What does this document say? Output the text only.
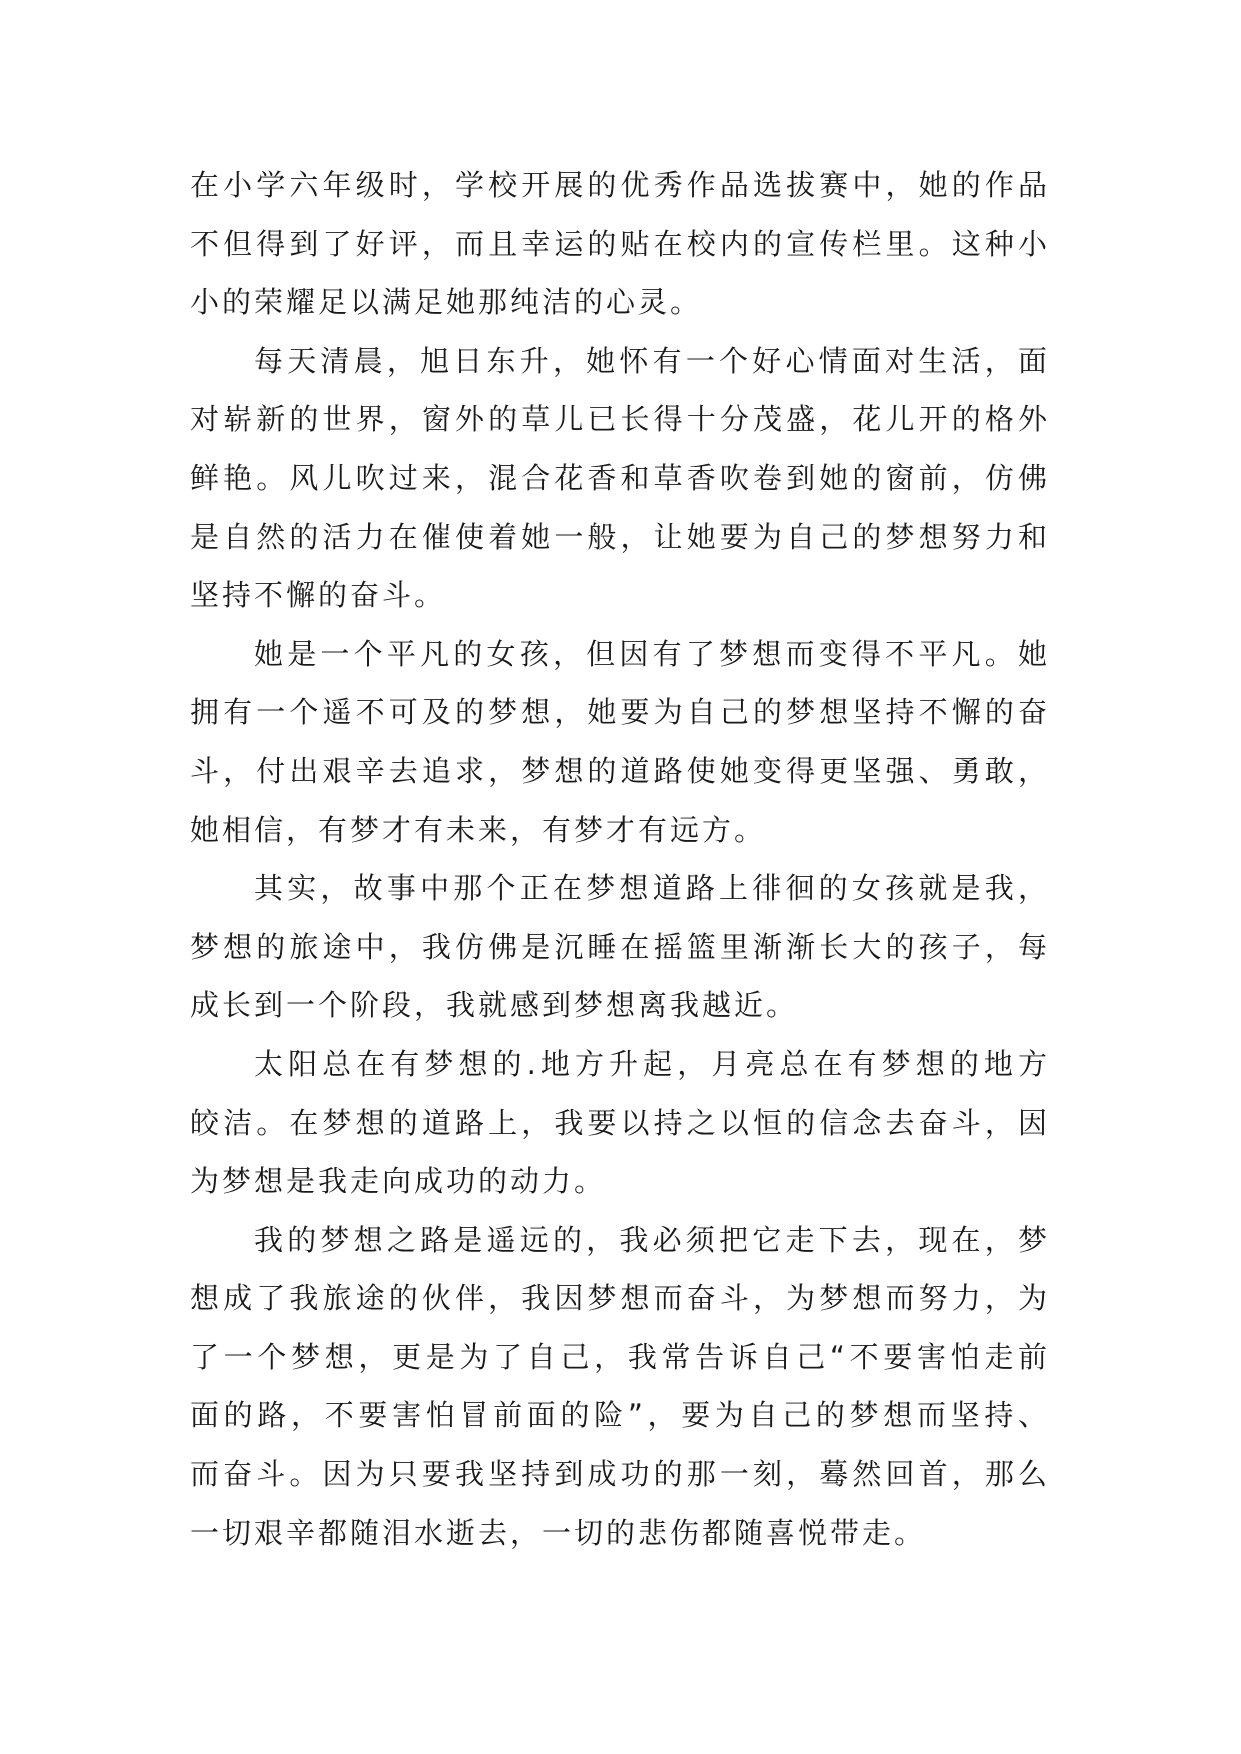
在小学六年级时，学校开展的优秀作品选拔赛中，她的作品
不但得到了好评，而且幸运的贴在校内的宣传栏里。这种小
小的荣耀足以满足她那纯洁的心灵。
每天清晨，旭日东升，她怀有一个好心情面对生活，面
对崭新的世界，窗外的草儿已长得十分茂盛，花儿开的格外
鲜艳。风儿吹过来，混合花香和草香吹卷到她的窗前，仿佛
是自然的活力在催使着她一般，让她要为自己的梦想努力和
坚持不懈的奋斗。
她是一个平凡的女孩，但因有了梦想而变得不平凡。她
拥有一个遥不可及的梦想，她要为自己的梦想坚持不懈的奋
斗，付出艰辛去追求，梦想的道路使她变得更坚强、勇敢，
她相信，有梦才有未来，有梦才有远方。
其实，故事中那个正在梦想道路上徘徊的女孩就是我，
梦想的旅途中，我仿佛是沉睡在摇篮里渐渐长大的孩子，每
成长到一个阶段，我就感到梦想离我越近。
太阳总在有梦想的.地方升起，月亮总在有梦想的地方
皎洁。在梦想的道路上，我要以持之以恒的信念去奋斗，因
为梦想是我走向成功的动力。
我的梦想之路是遥远的，我必须把它走下去，现在，梦
想成了我旅途的伙伴，我因梦想而奋斗，为梦想而努力，为
了一个梦想，更是为了自己，我常告诉自己“不要害怕走前
面的路，不要害怕冒前面的险”，要为自己的梦想而坚持、
而奋斗。因为只要我坚持到成功的那一刻，蓦然回首，那么
一切艰辛都随泪水逝去，一切的悲伤都随喜悦带走。
